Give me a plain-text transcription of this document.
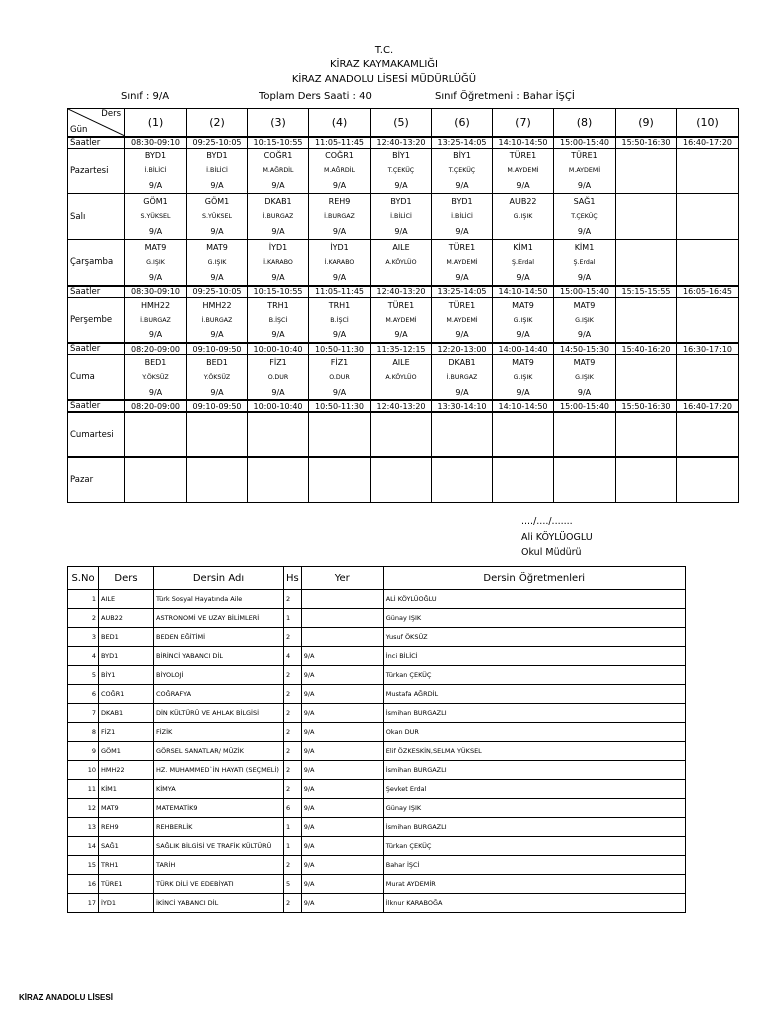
T.C.
KİRAZ KAYMAKAMLIĞI
KİRAZ ANADOLU LİSESİ MÜDÜRLÜĞÜ
Sınıf : 9/A	Toplam Ders Saati : 40	Sınıf Öğretmeni : Bahar İŞÇİ
Ders
Gün	(1)	(2)	(3)	(4)	(5)	(6)	(7)	(8)	(9)	(10)
Saatler	08:30-09:10	09:25-10:05	10:15-10:55	11:05-11:45	12:40-13:20	13:25-14:05	14:10-14:50	15:00-15:40	15:50-16:30	16:40-17:20
Pazartesi	BYD1	BYD1	COĞR1	COĞR1	BİY1	BİY1	TÜRE1	TÜRE1		
	İ.BİLİCİ	İ.BİLİCİ	M.AĞRDİL	M.AĞRDİL	T.ÇEKÜÇ	T.ÇEKÜÇ	M.AYDEMİ	M.AYDEMİ		
	9/A	9/A	9/A	9/A	9/A	9/A	9/A	9/A		
Salı	GÖM1	GÖM1	DKAB1	REH9	BYD1	BYD1	AUB22	SAĞ1		
	S.YÜKSEL	S.YÜKSEL	İ.BURGAZ	İ.BURGAZ	İ.BİLİCİ	İ.BİLİCİ	G.IŞIK	T.ÇEKÜÇ		
	9/A	9/A	9/A	9/A	9/A	9/A		9/A		
Çarşamba	MAT9	MAT9	İYD1	İYD1	AILE	TÜRE1	KİM1	KİM1		
	G.IŞIK	G.IŞIK	İ.KARABO	İ.KARABO	A.KÖYLÜO	M.AYDEMİ	Ş.Erdal	Ş.Erdal		
	9/A	9/A	9/A	9/A		9/A	9/A	9/A		
Saatler	08:30-09:10	09:25-10:05	10:15-10:55	11:05-11:45	12:40-13:20	13:25-14:05	14:10-14:50	15:00-15:40	15:15-15:55	16:05-16:45
Perşembe	HMH22	HMH22	TRH1	TRH1	TÜRE1	TÜRE1	MAT9	MAT9		
	İ.BURGAZ	İ.BURGAZ	B.İŞCİ	B.İŞCİ	M.AYDEMİ	M.AYDEMİ	G.IŞIK	G.IŞIK		
	9/A	9/A	9/A	9/A	9/A	9/A	9/A	9/A		
Saatler	08:20-09:00	09:10-09:50	10:00-10:40	10:50-11:30	11:35-12:15	12:20-13:00	14:00-14:40	14:50-15:30	15:40-16:20	16:30-17:10
Cuma	BED1	BED1	FİZ1	FİZ1	AILE	DKAB1	MAT9	MAT9		
	Y.ÖKSÜZ	Y.ÖKSÜZ	O.DUR	O.DUR	A.KÖYLÜO	İ.BURGAZ	G.IŞIK	G.IŞIK		
	9/A	9/A	9/A	9/A		9/A	9/A	9/A		
Saatler	08:20-09:00	09:10-09:50	10:00-10:40	10:50-11:30	12:40-13:20	13:30-14:10	14:10-14:50	15:00-15:40	15:50-16:30	16:40-17:20
Cumartesi										
Pazar										
..../..../.......
Ali KÖYLÜOGLU
Okul Müdürü
S.No	Ders	Dersin Adı	Hs	Yer	Dersin Öğretmenleri
1	AILE	Türk Sosyal Hayatında Aile	2		ALİ KÖYLÜOĞLU
2	AUB22	ASTRONOMİ VE UZAY BİLİMLERİ	1		Günay IŞIK
3	BED1	BEDEN EĞİTİMİ	2		Yusuf ÖKSÜZ
4	BYD1	BİRİNCİ YABANCI DİL	4	9/A	İnci BİLİCİ
5	BİY1	BİYOLOJİ	2	9/A	Türkan ÇEKÜÇ
6	COĞR1	COĞRAFYA	2	9/A	Mustafa AĞRDİL
7	DKAB1	DİN KÜLTÜRÜ VE AHLAK BİLGİSİ	2	9/A	İsmihan BURGAZLI
8	FİZ1	FİZİK	2	9/A	Okan DUR
9	GÖM1	GÖRSEL SANATLAR/ MÜZİK	2	9/A	Elif ÖZKESKİN,SELMA YÜKSEL
10	HMH22	HZ. MUHAMMED`İN HAYATI (SEÇMELİ)	2	9/A	İsmihan BURGAZLI
11	KİM1	KİMYA	2	9/A	Şevket Erdal
12	MAT9	MATEMATİK9	6	9/A	Günay IŞIK
13	REH9	REHBERLİK	1	9/A	İsmihan BURGAZLI
14	SAĞ1	SAĞLIK BİLGİSİ VE TRAFİK KÜLTÜRÜ	1	9/A	Türkan ÇEKÜÇ
15	TRH1	TARİH	2	9/A	Bahar İŞCİ
16	TÜRE1	TÜRK DİLİ VE EDEBİYATI	5	9/A	Murat AYDEMİR
17	İYD1	İKİNCİ YABANCI DİL	2	9/A	İlknur KARABOĞA
KİRAZ ANADOLU LİSESİ
